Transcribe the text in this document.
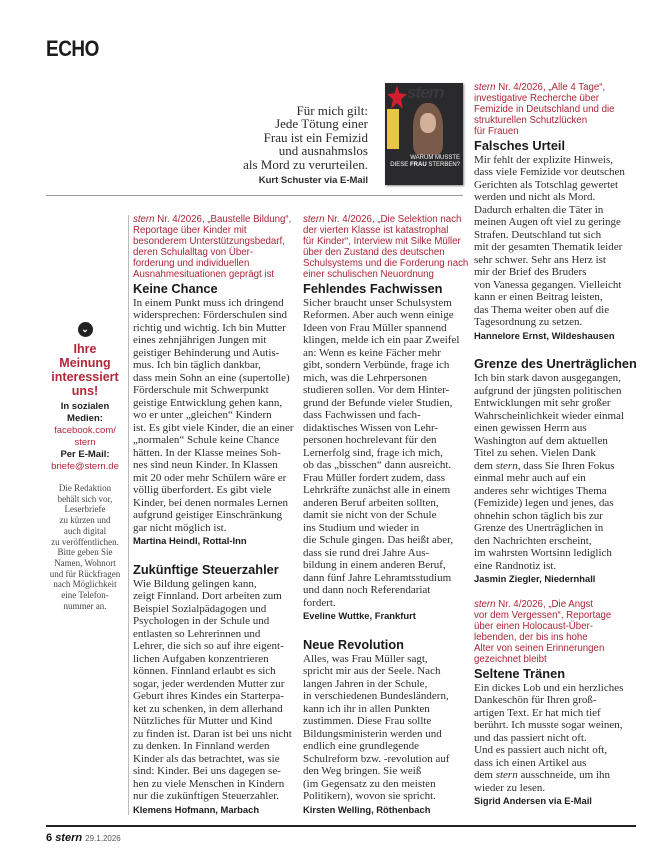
ECHO
Für mich gilt:
Jede Tötung einer
Frau ist ein Femizid
und ausnahmslos
als Mord zu verurteilen.
Kurt Schuster via E-Mail
stern
WARUM MUSSTE
DIESE FRAU STERBEN?
⌄
Ihre
Meinung
interessiert
uns!
In sozialen
Medien:
facebook.com/
stern
Per E-Mail:
briefe@stern.de
Die Redaktion
behält sich vor,
Leserbriefe
zu kürzen und
auch digital
zu veröffentlichen.
Bitte geben Sie
Namen, Wohnort
und für Rückfragen
nach Möglichkeit
eine Telefon-
nummer an.
stern Nr. 4/2026, „Baustelle Bildung“,
Reportage über Kinder mit
besonderem Unterstützungsbedarf,
deren Schulalltag von Über-
forderung und individuellen
Ausnahmesituationen geprägt ist
Keine Chance
In einem Punkt muss ich dringend
widersprechen: Förderschulen sind
richtig und wichtig. Ich bin Mutter
eines zehnjährigen Jungen mit
geistiger Behinderung und Autis-
mus. Ich bin täglich dankbar,
dass mein Sohn an eine (supertolle)
Förderschule mit Schwerpunkt
geistige Entwicklung gehen kann,
wo er unter „gleichen“ Kindern
ist. Es gibt viele Kinder, die an einer
„normalen“ Schule keine Chance
hätten. In der Klasse meines Soh-
nes sind neun Kinder. In Klassen
mit 20 oder mehr Schülern wäre er
völlig überfordert. Es gibt viele
Kinder, bei denen normales Lernen
aufgrund geistiger Einschränkung
gar nicht möglich ist.
Martina Heindl, Rottal-Inn
Zukünftige Steuerzahler
Wie Bildung gelingen kann,
zeigt Finnland. Dort arbeiten zum
Beispiel Sozialpädagogen und
Psychologen in der Schule und
entlasten so Lehrerinnen und
Lehrer, die sich so auf ihre eigent-
lichen Aufgaben konzentrieren
können. Finnland erlaubt es sich
sogar, jeder werdenden Mutter zur
Geburt ihres Kindes ein Starterpa-
ket zu schenken, in dem allerhand
Nützliches für Mutter und Kind
zu finden ist. Daran ist bei uns nicht
zu denken. In Finnland werden
Kinder als das betrachtet, was sie
sind: Kinder. Bei uns dagegen se-
hen zu viele Menschen in Kindern
nur die zukünftigen Steuerzahler.
Klemens Hofmann, Marbach
stern Nr. 4/2026, „Die Selektion nach
der vierten Klasse ist katastrophal
für Kinder“, Interview mit Silke Müller
über den Zustand des deutschen
Schulsystems und die Forderung nach
einer schulischen Neuordnung
Fehlendes Fachwissen
Sicher braucht unser Schulsystem
Reformen. Aber auch wenn einige
Ideen von Frau Müller spannend
klingen, melde ich ein paar Zweifel
an: Wenn es keine Fächer mehr
gibt, sondern Verbünde, frage ich
mich, was die Lehrpersonen
studieren sollen. Vor dem Hinter-
grund der Befunde vieler Studien,
dass Fachwissen und fach-
didaktisches Wissen von Lehr-
personen hochrelevant für den
Lernerfolg sind, frage ich mich,
ob das „bisschen“ dann ausreicht.
Frau Müller fordert zudem, dass
Lehrkräfte zunächst alle in einem
anderen Beruf arbeiten sollten,
damit sie nicht von der Schule
ins Studium und wieder in
die Schule gingen. Das heißt aber,
dass sie rund drei Jahre Aus-
bildung in einem anderen Beruf,
dann fünf Jahre Lehramtsstudium
und dann noch Referendariat
fordert.
Eveline Wuttke, Frankfurt
Neue Revolution
Alles, was Frau Müller sagt,
spricht mir aus der Seele. Nach
langen Jahren in der Schule,
in verschiedenen Bundesländern,
kann ich ihr in allen Punkten
zustimmen. Diese Frau sollte
Bildungsministerin werden und
endlich eine grundlegende
Schulreform bzw. -revolution auf
den Weg bringen. Sie weiß
(im Gegensatz zu den meisten
Politikern), wovon sie spricht.
Kirsten Welling, Röthenbach
stern Nr. 4/2026, „Alle 4 Tage“,
investigative Recherche über
Femizide in Deutschland und die
strukturellen Schutzlücken
für Frauen
Falsches Urteil
Mir fehlt der explizite Hinweis,
dass viele Femizide vor deutschen
Gerichten als Totschlag gewertet
werden und nicht als Mord.
Dadurch erhalten die Täter in
meinen Augen oft viel zu geringe
Strafen. Deutschland tut sich
mit der gesamten Thematik leider
sehr schwer. Sehr ans Herz ist
mir der Brief des Bruders
von Vanessa gegangen. Vielleicht
kann er einen Beitrag leisten,
das Thema weiter oben auf die
Tagesordnung zu setzen.
Hannelore Ernst, Wildeshausen
Grenze des Unerträglichen
Ich bin stark davon ausgegangen,
aufgrund der jüngsten politischen
Entwicklungen mit sehr großer
Wahrscheinlichkeit wieder einmal
einen gewissen Herrn aus
Washington auf dem aktuellen
Titel zu sehen. Vielen Dank
dem stern, dass Sie Ihren Fokus
einmal mehr auch auf ein
anderes sehr wichtiges Thema
(Femizide) legen und jenes, das
ohnehin schon täglich bis zur
Grenze des Unerträglichen in
den Nachrichten erscheint,
im wahrsten Wortsinn lediglich
eine Randnotiz ist.
Jasmin Ziegler, Niedernhall
stern Nr. 4/2026, „Die Angst
vor dem Vergessen“, Reportage
über einen Holocaust-Über-
lebenden, der bis ins hohe
Alter von seinen Erinnerungen
gezeichnet bleibt
Seltene Tränen
Ein dickes Lob und ein herzliches
Dankeschön für Ihren groß-
artigen Text. Er hat mich tief
berührt. Ich musste sogar weinen,
und das passiert nicht oft.
Und es passiert auch nicht oft,
dass ich einen Artikel aus
dem stern ausschneide, um ihn
wieder zu lesen.
Sigrid Andersen via E-Mail
6 stern 29.1.2026
